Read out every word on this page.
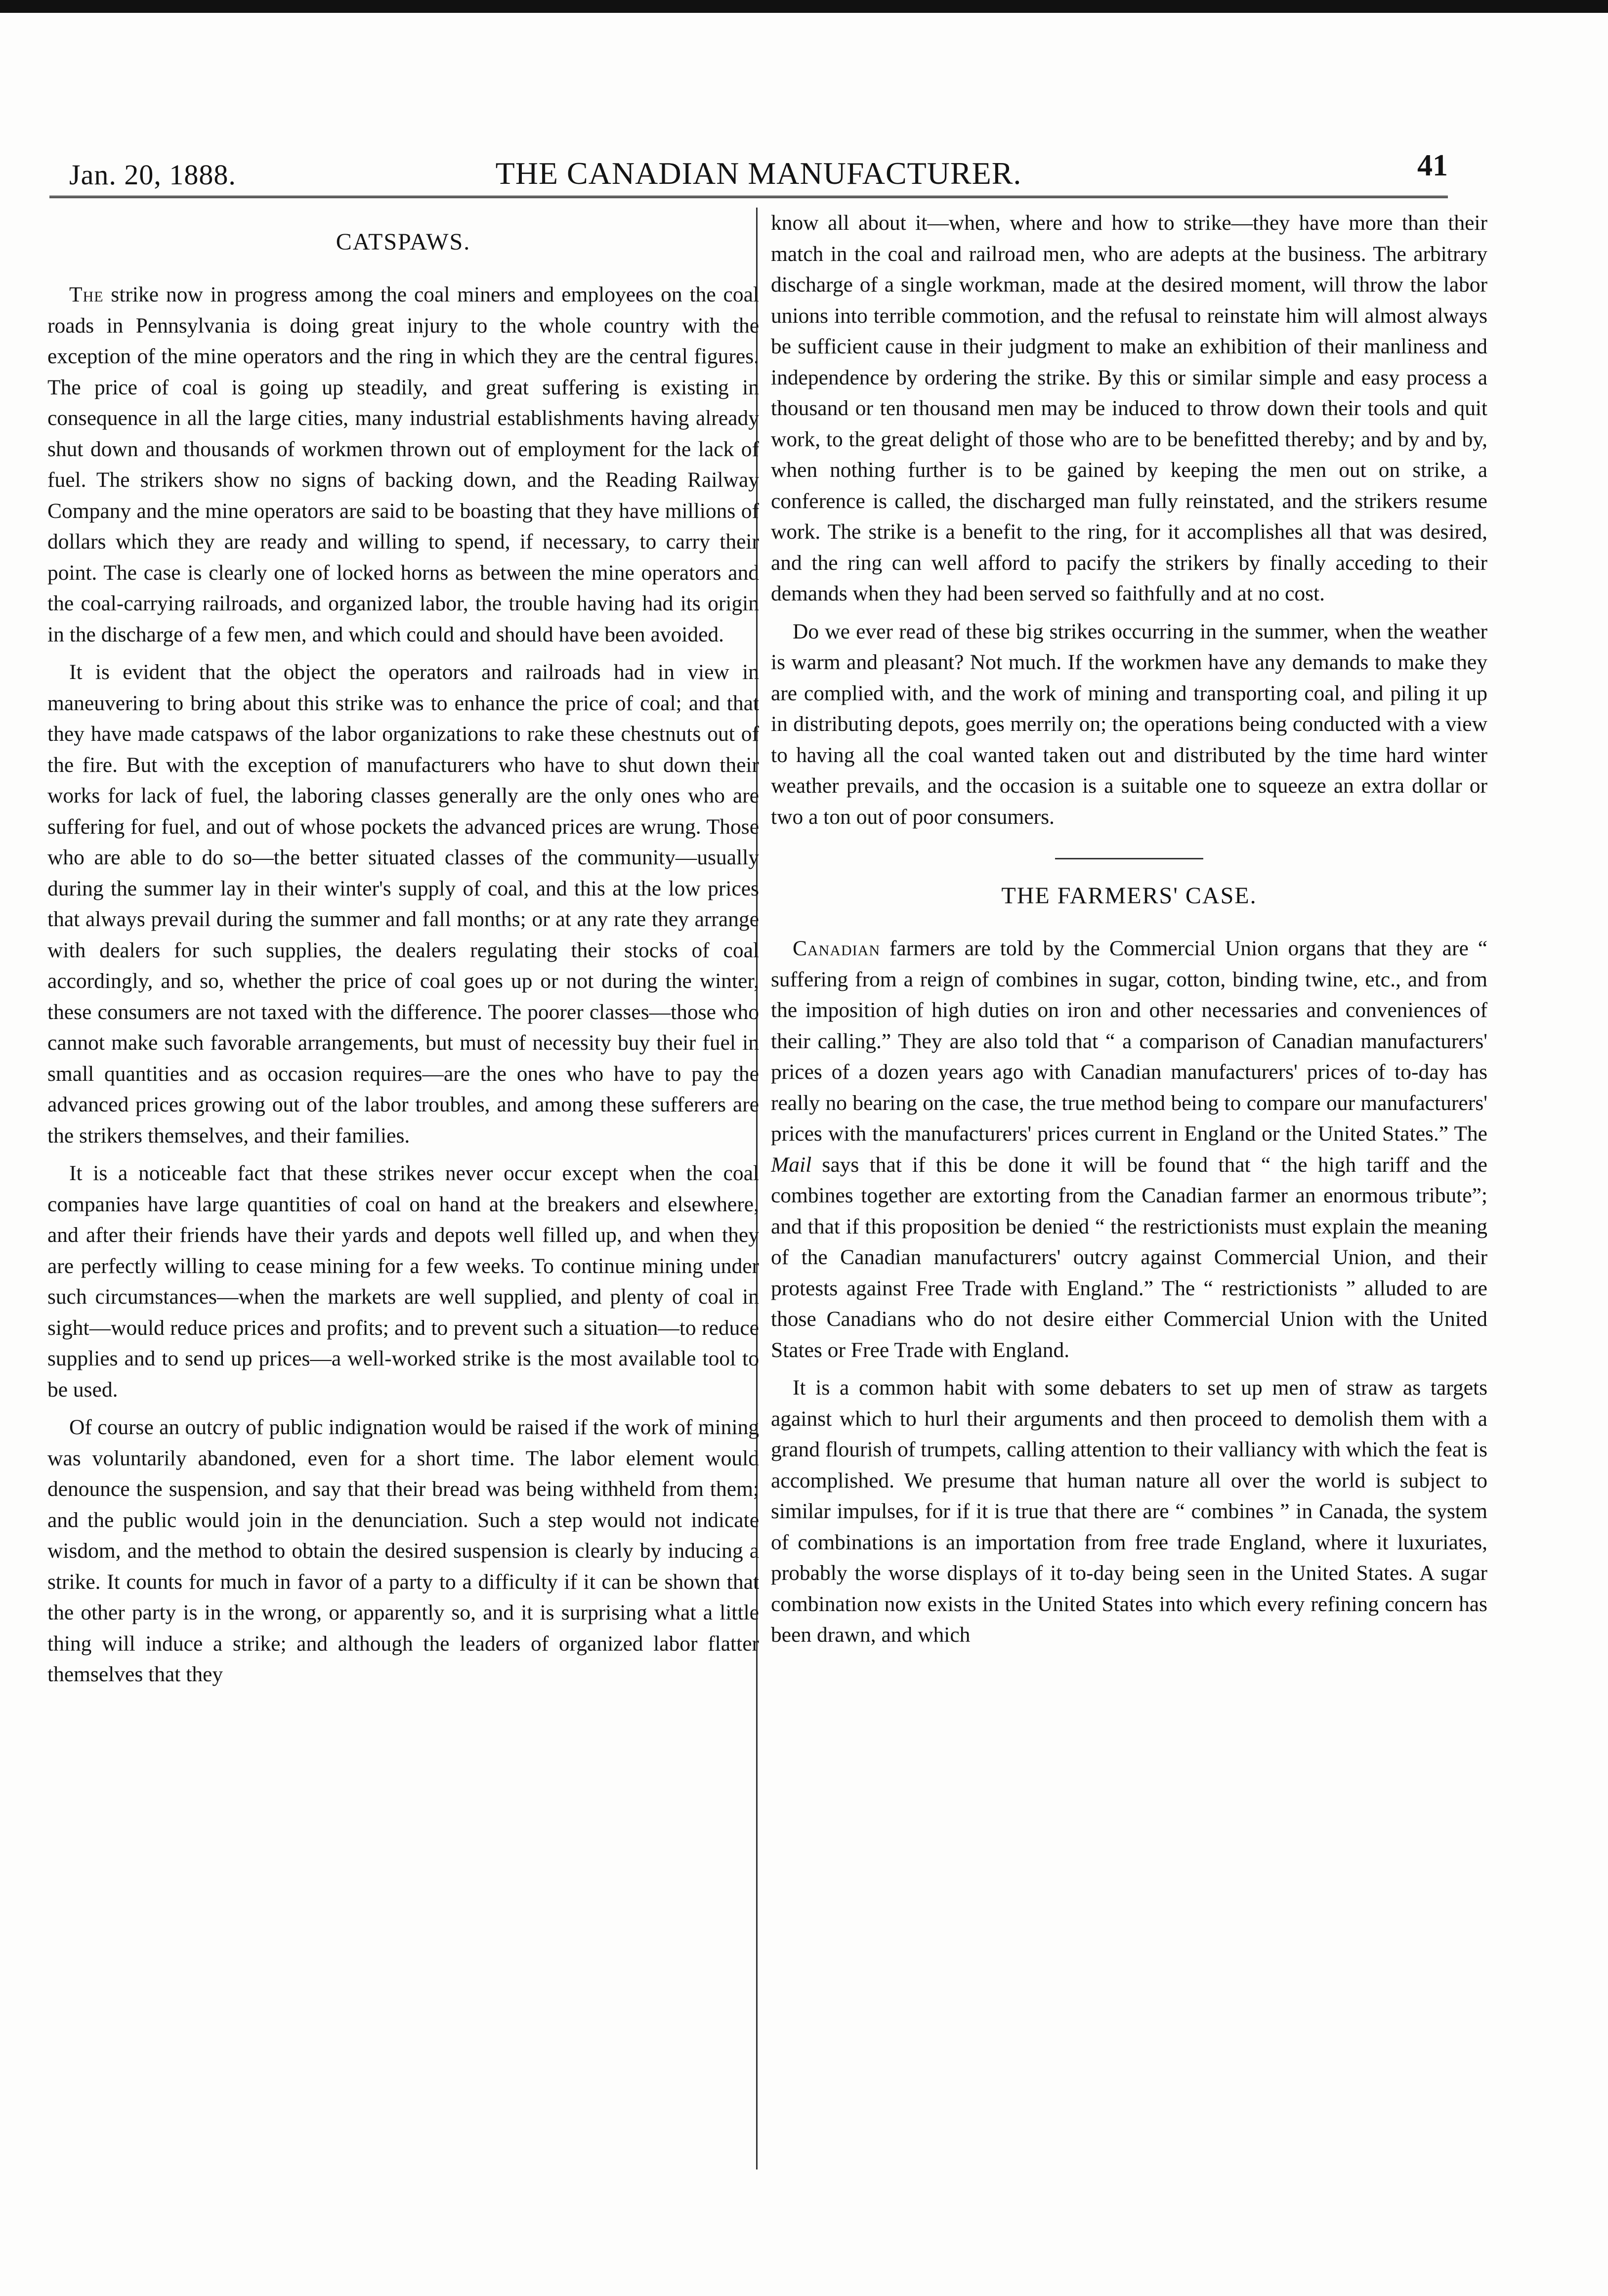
Jan. 20, 1888.	THE CANADIAN MANUFACTURER.	41
CATSPAWS.

The strike now in progress among the coal miners and employees on the coal roads in Pennsylvania is doing great injury to the whole country with the exception of the mine operators and the ring in which they are the central figures. The price of coal is going up steadily, and great suffering is existing in consequence in all the large cities, many industrial establishments having already shut down and thousands of workmen thrown out of employment for the lack of fuel. The strikers show no signs of backing down, and the Reading Railway Company and the mine operators are said to be boasting that they have millions of dollars which they are ready and willing to spend, if necessary, to carry their point. The case is clearly one of locked horns as between the mine operators and the coal-carrying railroads, and organized labor, the trouble having had its origin in the discharge of a few men, and which could and should have been avoided.

It is evident that the object the operators and railroads had in view in maneuvering to bring about this strike was to enhance the price of coal; and that they have made catspaws of the labor organizations to rake these chestnuts out of the fire. But with the exception of manufacturers who have to shut down their works for lack of fuel, the laboring classes generally are the only ones who are suffering for fuel, and out of whose pockets the advanced prices are wrung. Those who are able to do so—the better situated classes of the community—usually during the summer lay in their winter's supply of coal, and this at the low prices that always prevail during the summer and fall months; or at any rate they arrange with dealers for such supplies, the dealers regulating their stocks of coal accordingly, and so, whether the price of coal goes up or not during the winter, these consumers are not taxed with the difference. The poorer classes—those who cannot make such favorable arrangements, but must of necessity buy their fuel in small quantities and as occasion requires—are the ones who have to pay the advanced prices growing out of the labor troubles, and among these sufferers are the strikers themselves, and their families.

It is a noticeable fact that these strikes never occur except when the coal companies have large quantities of coal on hand at the breakers and elsewhere, and after their friends have their yards and depots well filled up, and when they are perfectly willing to cease mining for a few weeks. To continue mining under such circumstances—when the markets are well supplied, and plenty of coal in sight—would reduce prices and profits; and to prevent such a situation—to reduce supplies and to send up prices—a well-worked strike is the most available tool to be used.

Of course an outcry of public indignation would be raised if the work of mining was voluntarily abandoned, even for a short time. The labor element would denounce the suspension, and say that their bread was being withheld from them; and the public would join in the denunciation. Such a step would not indicate wisdom, and the method to obtain the desired suspension is clearly by inducing a strike. It counts for much in favor of a party to a difficulty if it can be shown that the other party is in the wrong, or apparently so, and it is surprising what a little thing will induce a strike; and although the leaders of organized labor flatter themselves that they

know all about it—when, where and how to strike—they have more than their match in the coal and railroad men, who are adepts at the business. The arbitrary discharge of a single workman, made at the desired moment, will throw the labor unions into terrible commotion, and the refusal to reinstate him will almost always be sufficient cause in their judgment to make an exhibition of their manliness and independence by ordering the strike. By this or similar simple and easy process a thousand or ten thousand men may be induced to throw down their tools and quit work, to the great delight of those who are to be benefitted thereby; and by and by, when nothing further is to be gained by keeping the men out on strike, a conference is called, the discharged man fully reinstated, and the strikers resume work. The strike is a benefit to the ring, for it accomplishes all that was desired, and the ring can well afford to pacify the strikers by finally acceding to their demands when they had been served so faithfully and at no cost.

Do we ever read of these big strikes occurring in the summer, when the weather is warm and pleasant? Not much. If the workmen have any demands to make they are complied with, and the work of mining and transporting coal, and piling it up in distributing depots, goes merrily on; the operations being conducted with a view to having all the coal wanted taken out and distributed by the time hard winter weather prevails, and the occasion is a suitable one to squeeze an extra dollar or two a ton out of poor consumers.

THE FARMERS' CASE.

Canadian farmers are told by the Commercial Union organs that they are “ suffering from a reign of combines in sugar, cotton, binding twine, etc., and from the imposition of high duties on iron and other necessaries and conveniences of their calling.” They are also told that “ a comparison of Canadian manufacturers' prices of a dozen years ago with Canadian manufacturers' prices of to-day has really no bearing on the case, the true method being to compare our manufacturers' prices with the manufacturers' prices current in England or the United States.” The Mail says that if this be done it will be found that “ the high tariff and the combines together are extorting from the Canadian farmer an enormous tribute”; and that if this proposition be denied “ the restrictionists must explain the meaning of the Canadian manufacturers' outcry against Commercial Union, and their protests against Free Trade with England.” The “ restrictionists ” alluded to are those Canadians who do not desire either Commercial Union with the United States or Free Trade with England.

It is a common habit with some debaters to set up men of straw as targets against which to hurl their arguments and then proceed to demolish them with a grand flourish of trumpets, calling attention to their valliancy with which the feat is accomplished. We presume that human nature all over the world is subject to similar impulses, for if it is true that there are “ combines ” in Canada, the system of combinations is an importation from free trade England, where it luxuriates, probably the worse displays of it to-day being seen in the United States. A sugar combination now exists in the United States into which every refining concern has been drawn, and which
